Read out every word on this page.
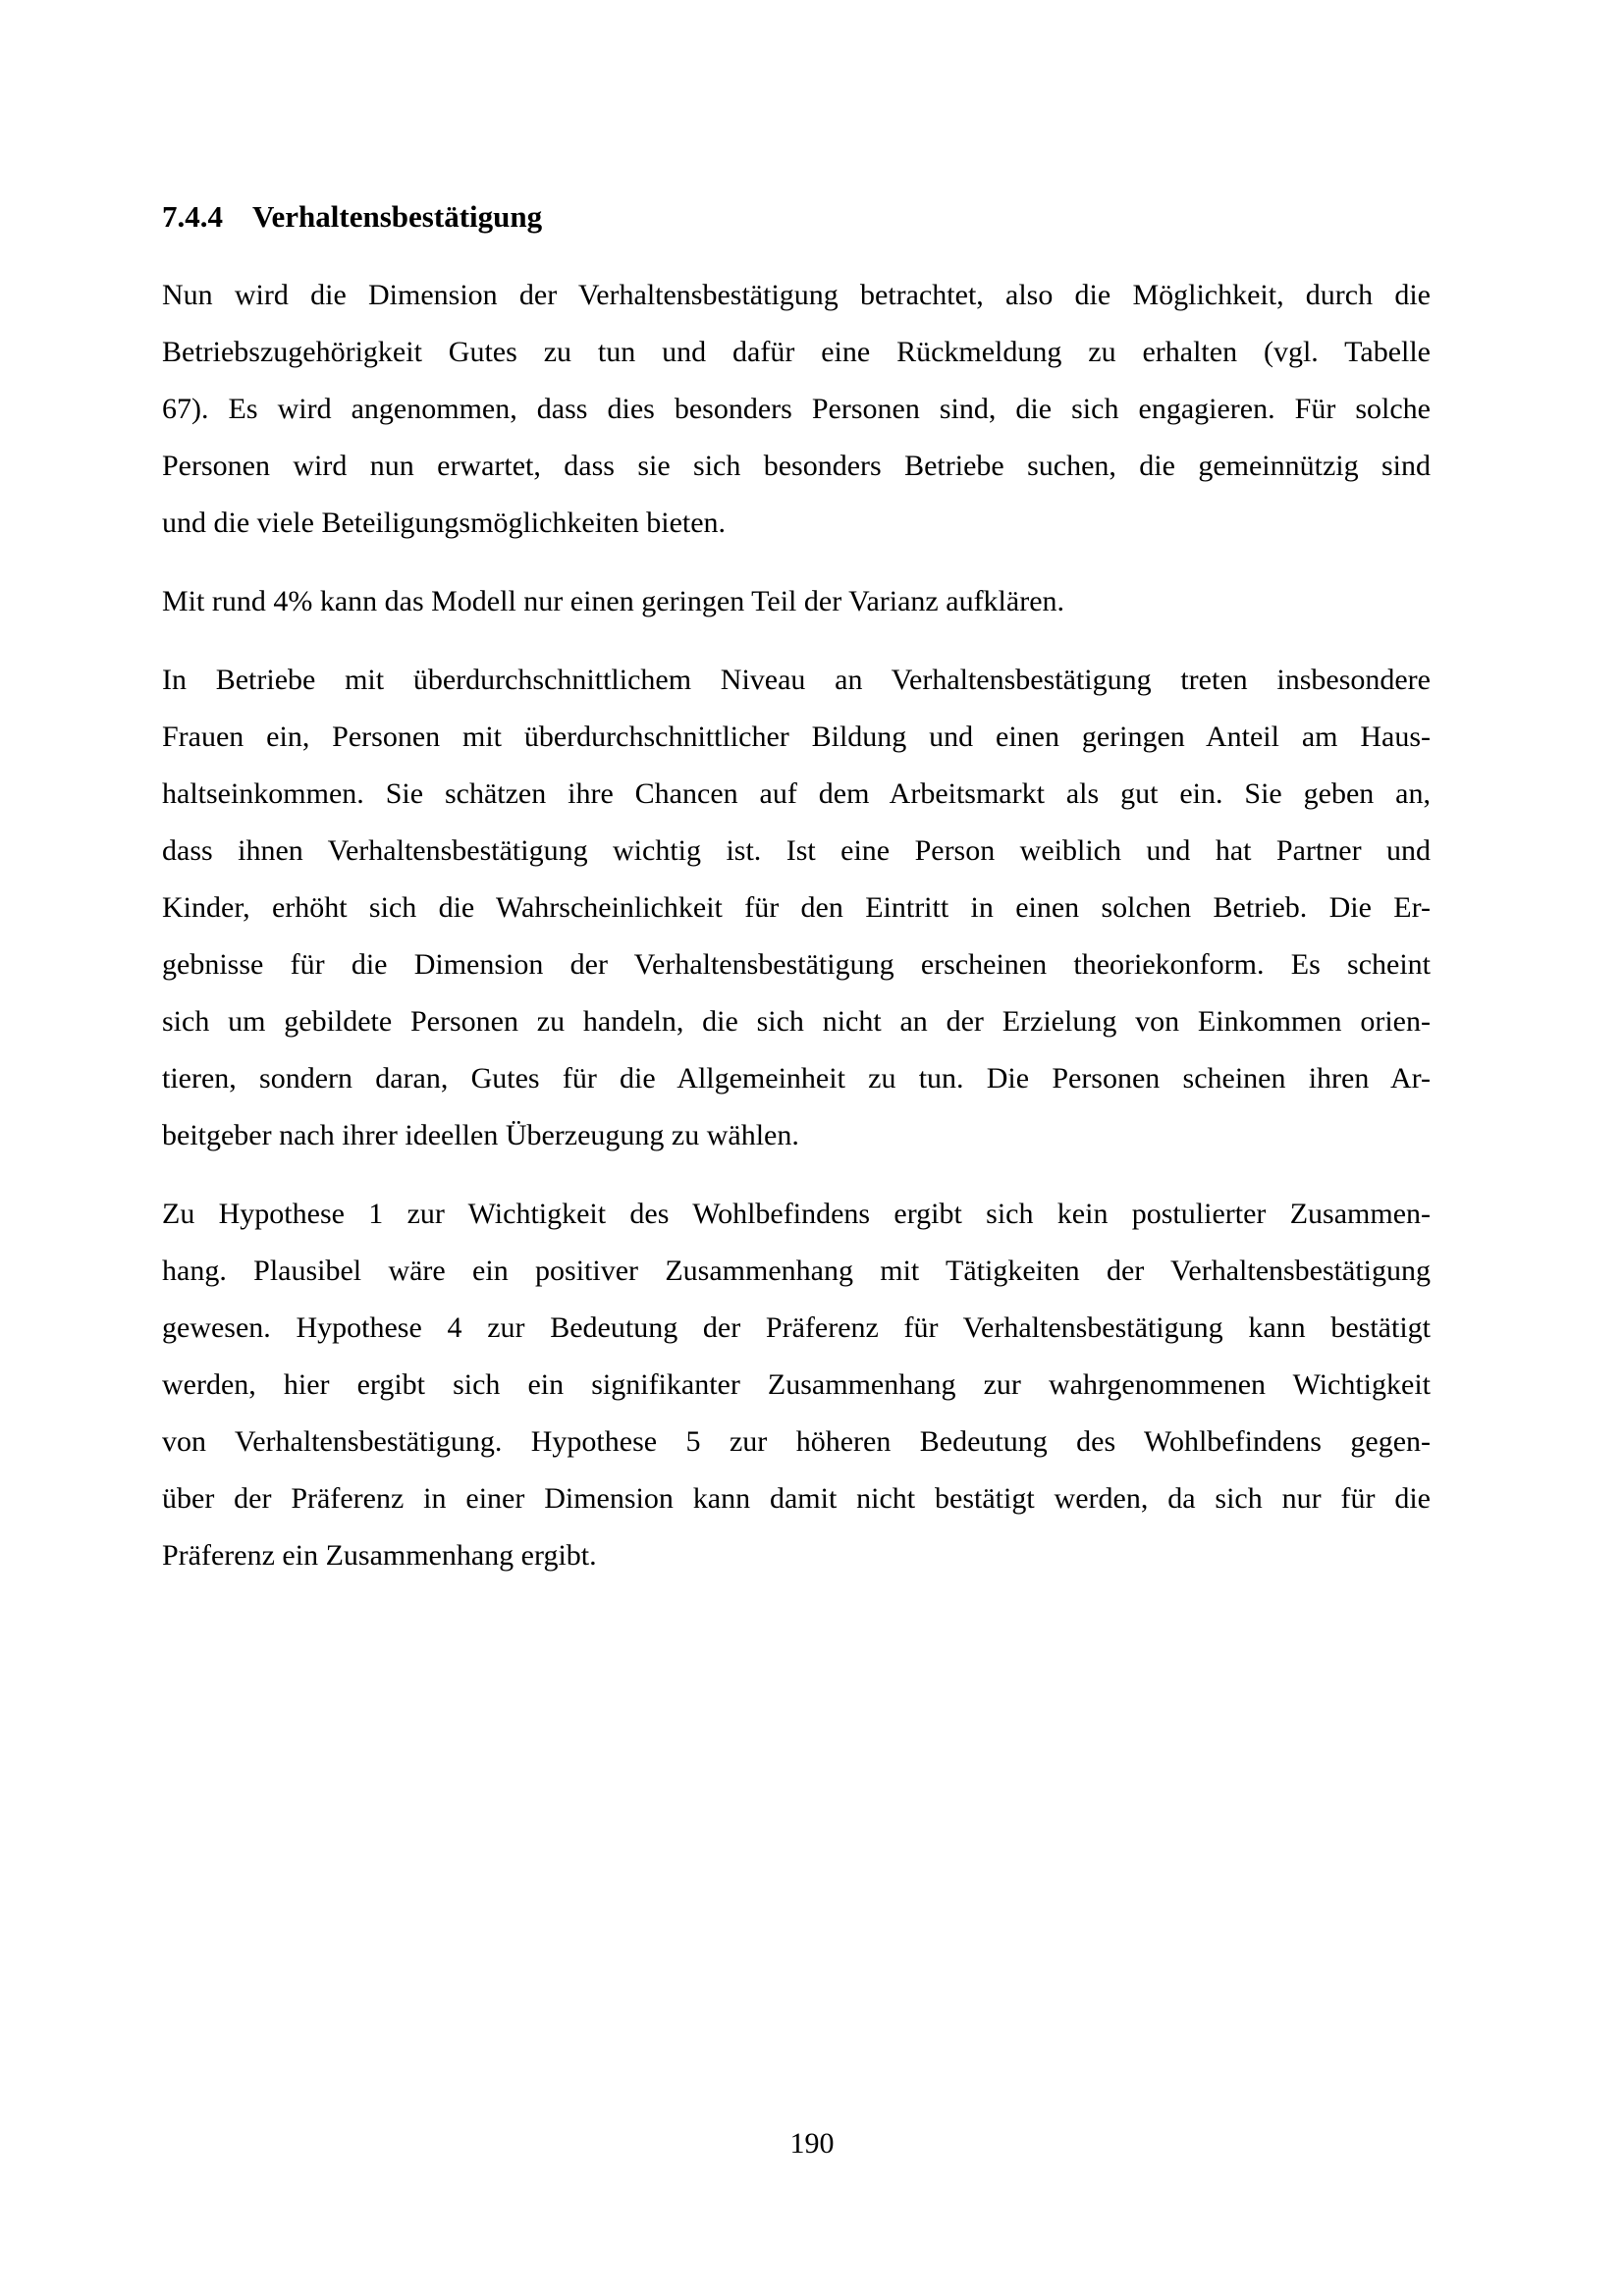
7.4.4 Verhaltensbestätigung
Nun wird die Dimension der Verhaltensbestätigung betrachtet, also die Möglichkeit, durch die
Betriebszugehörigkeit Gutes zu tun und dafür eine Rückmeldung zu erhalten (vgl. Tabelle
67). Es wird angenommen, dass dies besonders Personen sind, die sich engagieren. Für solche
Personen wird nun erwartet, dass sie sich besonders Betriebe suchen, die gemeinnützig sind
und die viele Beteiligungsmöglichkeiten bieten.
Mit rund 4% kann das Modell nur einen geringen Teil der Varianz aufklären.
In Betriebe mit überdurchschnittlichem Niveau an Verhaltensbestätigung treten insbesondere
Frauen ein, Personen mit überdurchschnittlicher Bildung und einen geringen Anteil am Haus-
haltseinkommen. Sie schätzen ihre Chancen auf dem Arbeitsmarkt als gut ein. Sie geben an,
dass ihnen Verhaltensbestätigung wichtig ist. Ist eine Person weiblich und hat Partner und
Kinder, erhöht sich die Wahrscheinlichkeit für den Eintritt in einen solchen Betrieb. Die Er-
gebnisse für die Dimension der Verhaltensbestätigung erscheinen theoriekonform. Es scheint
sich um gebildete Personen zu handeln, die sich nicht an der Erzielung von Einkommen orien-
tieren, sondern daran, Gutes für die Allgemeinheit zu tun. Die Personen scheinen ihren Ar-
beitgeber nach ihrer ideellen Überzeugung zu wählen.
Zu Hypothese 1 zur Wichtigkeit des Wohlbefindens ergibt sich kein postulierter Zusammen-
hang. Plausibel wäre ein positiver Zusammenhang mit Tätigkeiten der Verhaltensbestätigung
gewesen. Hypothese 4 zur Bedeutung der Präferenz für Verhaltensbestätigung kann bestätigt
werden, hier ergibt sich ein signifikanter Zusammenhang zur wahrgenommenen Wichtigkeit
von Verhaltensbestätigung. Hypothese 5 zur höheren Bedeutung des Wohlbefindens gegen-
über der Präferenz in einer Dimension kann damit nicht bestätigt werden, da sich nur für die
Präferenz ein Zusammenhang ergibt.
190
